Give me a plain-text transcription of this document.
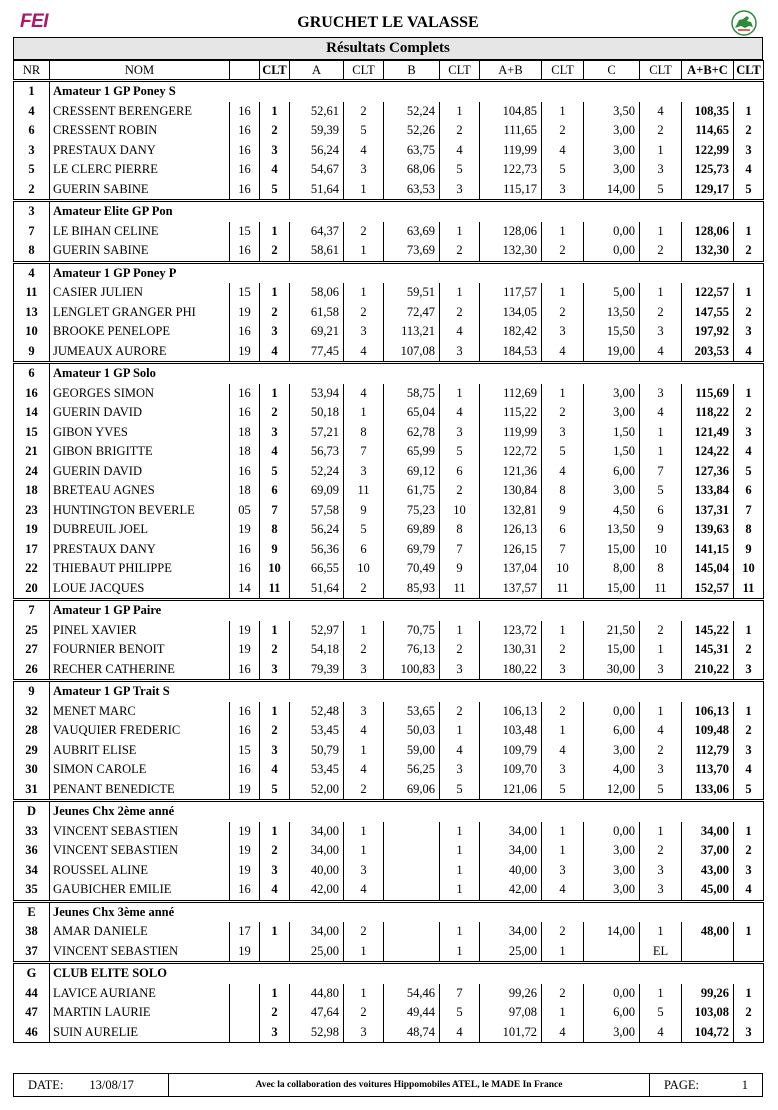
FEI	GRUCHET LE VALASSE
Résultats Complets
NR	NOM		CLT	A	CLT	B	CLT	A+B	CLT	C	CLT	A+B+C	CLT
1	Amateur 1 GP Poney S												
4	CRESSENT BERENGERE	16	1	52,61	2	52,24	1	104,85	1	3,50	4	108,35	1
6	CRESSENT ROBIN	16	2	59,39	5	52,26	2	111,65	2	3,00	2	114,65	2
3	PRESTAUX DANY	16	3	56,24	4	63,75	4	119,99	4	3,00	1	122,99	3
5	LE CLERC PIERRE	16	4	54,67	3	68,06	5	122,73	5	3,00	3	125,73	4
2	GUERIN SABINE	16	5	51,64	1	63,53	3	115,17	3	14,00	5	129,17	5
3	Amateur Elite GP Pon												
7	LE BIHAN CELINE	15	1	64,37	2	63,69	1	128,06	1	0,00	1	128,06	1
8	GUERIN SABINE	16	2	58,61	1	73,69	2	132,30	2	0,00	2	132,30	2
4	Amateur 1 GP Poney P												
11	CASIER JULIEN	15	1	58,06	1	59,51	1	117,57	1	5,00	1	122,57	1
13	LENGLET GRANGER PHI	19	2	61,58	2	72,47	2	134,05	2	13,50	2	147,55	2
10	BROOKE PENELOPE	16	3	69,21	3	113,21	4	182,42	3	15,50	3	197,92	3
9	JUMEAUX AURORE	19	4	77,45	4	107,08	3	184,53	4	19,00	4	203,53	4
6	Amateur 1 GP Solo												
16	GEORGES SIMON	16	1	53,94	4	58,75	1	112,69	1	3,00	3	115,69	1
14	GUERIN DAVID	16	2	50,18	1	65,04	4	115,22	2	3,00	4	118,22	2
15	GIBON YVES	18	3	57,21	8	62,78	3	119,99	3	1,50	1	121,49	3
21	GIBON BRIGITTE	18	4	56,73	7	65,99	5	122,72	5	1,50	1	124,22	4
24	GUERIN DAVID	16	5	52,24	3	69,12	6	121,36	4	6,00	7	127,36	5
18	BRETEAU AGNES	18	6	69,09	11	61,75	2	130,84	8	3,00	5	133,84	6
23	HUNTINGTON BEVERLE	05	7	57,58	9	75,23	10	132,81	9	4,50	6	137,31	7
19	DUBREUIL JOEL	19	8	56,24	5	69,89	8	126,13	6	13,50	9	139,63	8
17	PRESTAUX DANY	16	9	56,36	6	69,79	7	126,15	7	15,00	10	141,15	9
22	THIEBAUT PHILIPPE	16	10	66,55	10	70,49	9	137,04	10	8,00	8	145,04	10
20	LOUE JACQUES	14	11	51,64	2	85,93	11	137,57	11	15,00	11	152,57	11
7	Amateur 1 GP Paire												
25	PINEL XAVIER	19	1	52,97	1	70,75	1	123,72	1	21,50	2	145,22	1
27	FOURNIER BENOIT	19	2	54,18	2	76,13	2	130,31	2	15,00	1	145,31	2
26	RECHER CATHERINE	16	3	79,39	3	100,83	3	180,22	3	30,00	3	210,22	3
9	Amateur 1 GP Trait S												
32	MENET MARC	16	1	52,48	3	53,65	2	106,13	2	0,00	1	106,13	1
28	VAUQUIER FREDERIC	16	2	53,45	4	50,03	1	103,48	1	6,00	4	109,48	2
29	AUBRIT ELISE	15	3	50,79	1	59,00	4	109,79	4	3,00	2	112,79	3
30	SIMON CAROLE	16	4	53,45	4	56,25	3	109,70	3	4,00	3	113,70	4
31	PENANT BENEDICTE	19	5	52,00	2	69,06	5	121,06	5	12,00	5	133,06	5
D	Jeunes Chx 2ème anné												
33	VINCENT SEBASTIEN	19	1	34,00	1		1	34,00	1	0,00	1	34,00	1
36	VINCENT SEBASTIEN	19	2	34,00	1		1	34,00	1	3,00	2	37,00	2
34	ROUSSEL ALINE	19	3	40,00	3		1	40,00	3	3,00	3	43,00	3
35	GAUBICHER EMILIE	16	4	42,00	4		1	42,00	4	3,00	3	45,00	4
E	Jeunes Chx 3ème anné												
38	AMAR DANIELE	17	1	34,00	2		1	34,00	2	14,00	1	48,00	1
37	VINCENT SEBASTIEN	19		25,00	1		1	25,00	1		EL		
G	CLUB ELITE SOLO												
44	LAVICE AURIANE		1	44,80	1	54,46	7	99,26	2	0,00	1	99,26	1
47	MARTIN LAURIE		2	47,64	2	49,44	5	97,08	1	6,00	5	103,08	2
46	SUIN AURELIE		3	52,98	3	48,74	4	101,72	4	3,00	4	104,72	3
DATE: 13/08/17	Avec la collaboration des voitures Hippomobiles ATEL, le MADE In France	PAGE:	1
